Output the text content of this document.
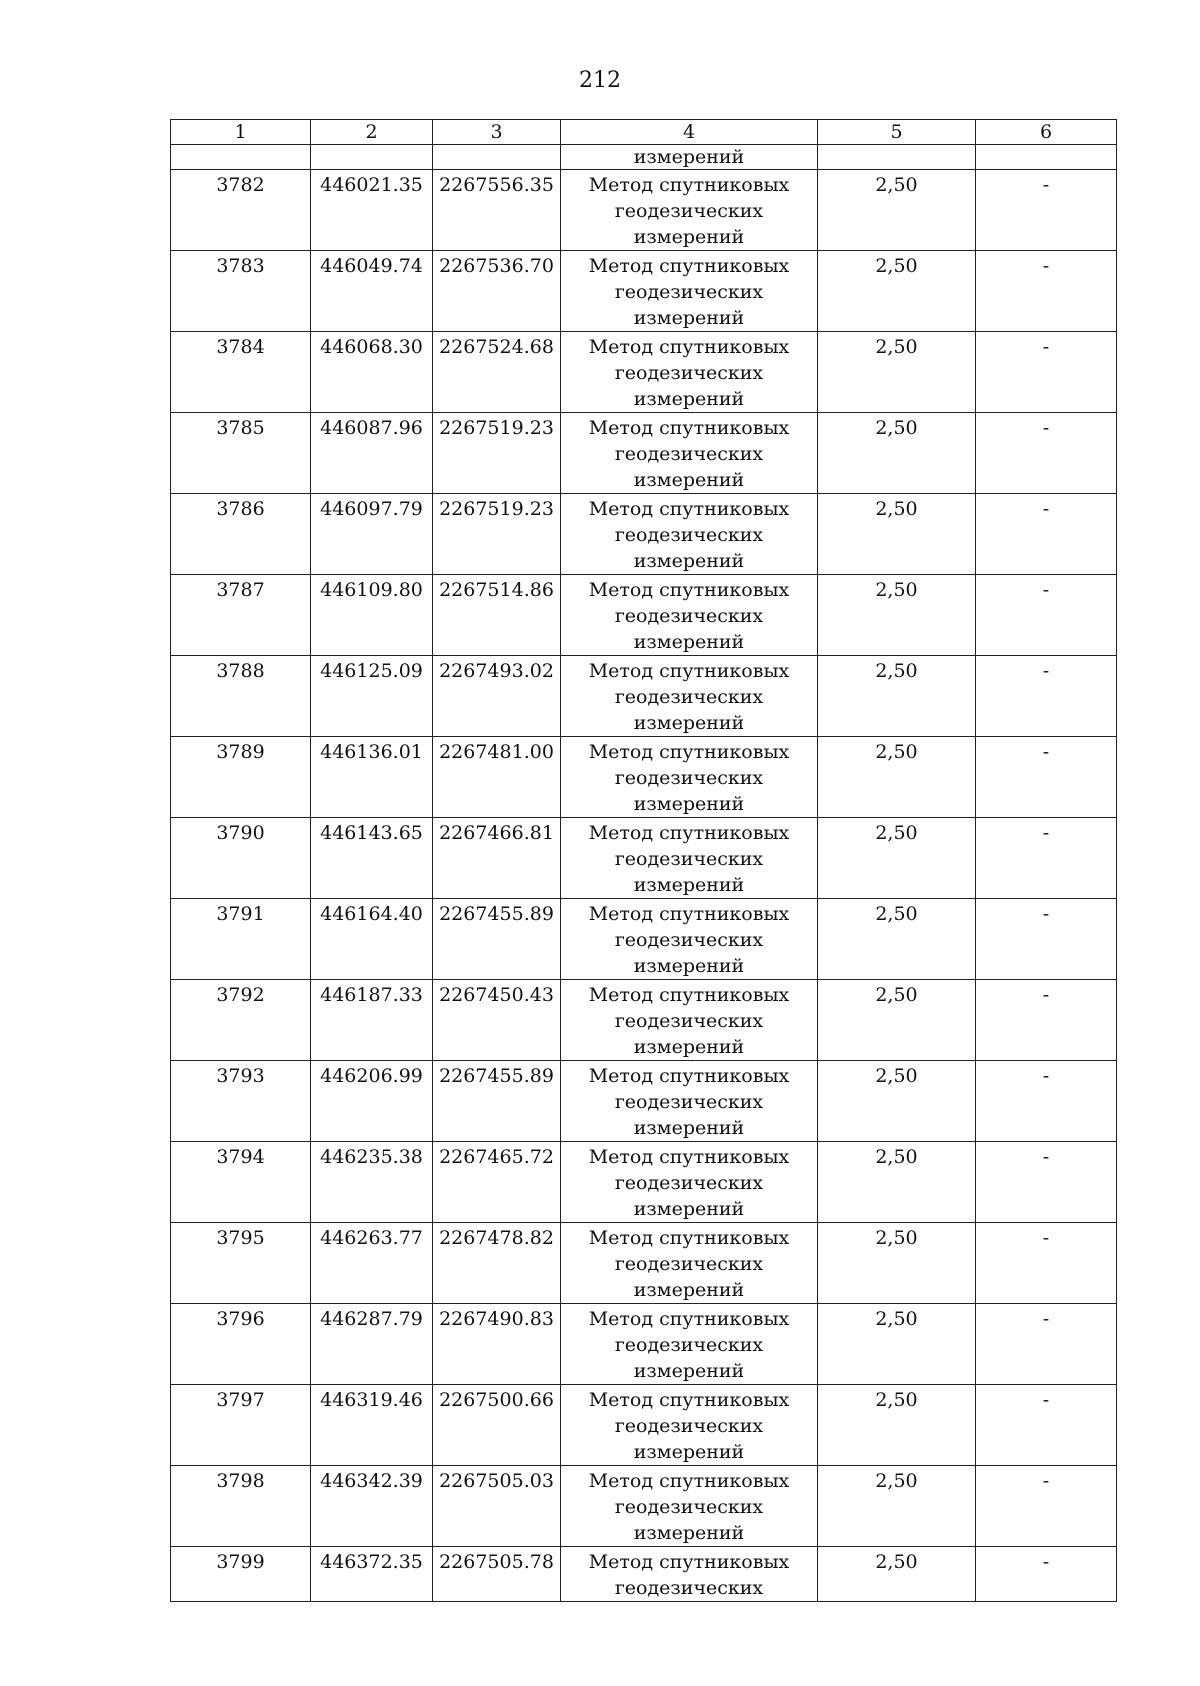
212
1	2	3	4	5	6
			измерений		
3782	446021.35	2267556.35	Метод спутниковых
геодезических
измерений	2,50	-
3783	446049.74	2267536.70	Метод спутниковых
геодезических
измерений	2,50	-
3784	446068.30	2267524.68	Метод спутниковых
геодезических
измерений	2,50	-
3785	446087.96	2267519.23	Метод спутниковых
геодезических
измерений	2,50	-
3786	446097.79	2267519.23	Метод спутниковых
геодезических
измерений	2,50	-
3787	446109.80	2267514.86	Метод спутниковых
геодезических
измерений	2,50	-
3788	446125.09	2267493.02	Метод спутниковых
геодезических
измерений	2,50	-
3789	446136.01	2267481.00	Метод спутниковых
геодезических
измерений	2,50	-
3790	446143.65	2267466.81	Метод спутниковых
геодезических
измерений	2,50	-
3791	446164.40	2267455.89	Метод спутниковых
геодезических
измерений	2,50	-
3792	446187.33	2267450.43	Метод спутниковых
геодезических
измерений	2,50	-
3793	446206.99	2267455.89	Метод спутниковых
геодезических
измерений	2,50	-
3794	446235.38	2267465.72	Метод спутниковых
геодезических
измерений	2,50	-
3795	446263.77	2267478.82	Метод спутниковых
геодезических
измерений	2,50	-
3796	446287.79	2267490.83	Метод спутниковых
геодезических
измерений	2,50	-
3797	446319.46	2267500.66	Метод спутниковых
геодезических
измерений	2,50	-
3798	446342.39	2267505.03	Метод спутниковых
геодезических
измерений	2,50	-
3799	446372.35	2267505.78	Метод спутниковых
геодезических	2,50	-
